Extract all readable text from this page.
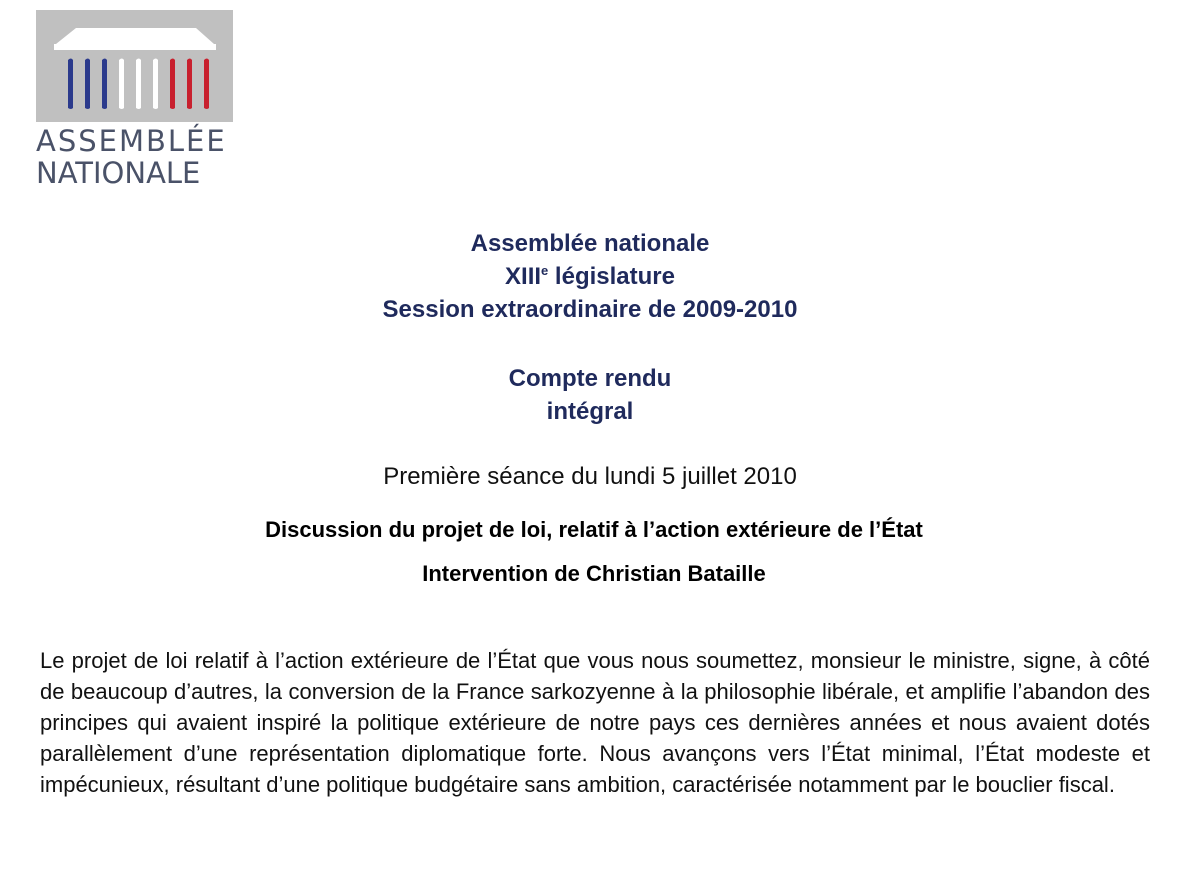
ASSEMBLÉE
NATIONALE
Assemblée nationale
XIIIe législature
Session extraordinaire de 2009-2010
Compte rendu
intégral
Première séance du lundi 5 juillet 2010
Discussion du projet de loi, relatif à l’action extérieure de l’État
Intervention de Christian Bataille
Le projet de loi relatif à l’action extérieure de l’État que vous nous soumettez, monsieur le ministre, signe, à côté de beaucoup d’autres, la conversion de la France sarkozyenne à la philosophie libérale, et amplifie l’abandon des principes qui avaient inspiré la politique extérieure de notre pays ces dernières années et nous avaient dotés parallèlement d’une représentation diplomatique forte. Nous avançons vers l’État minimal, l’État modeste et impécunieux, résultant d’une politique budgétaire sans ambition, caractérisée notamment par le bouclier fiscal.
